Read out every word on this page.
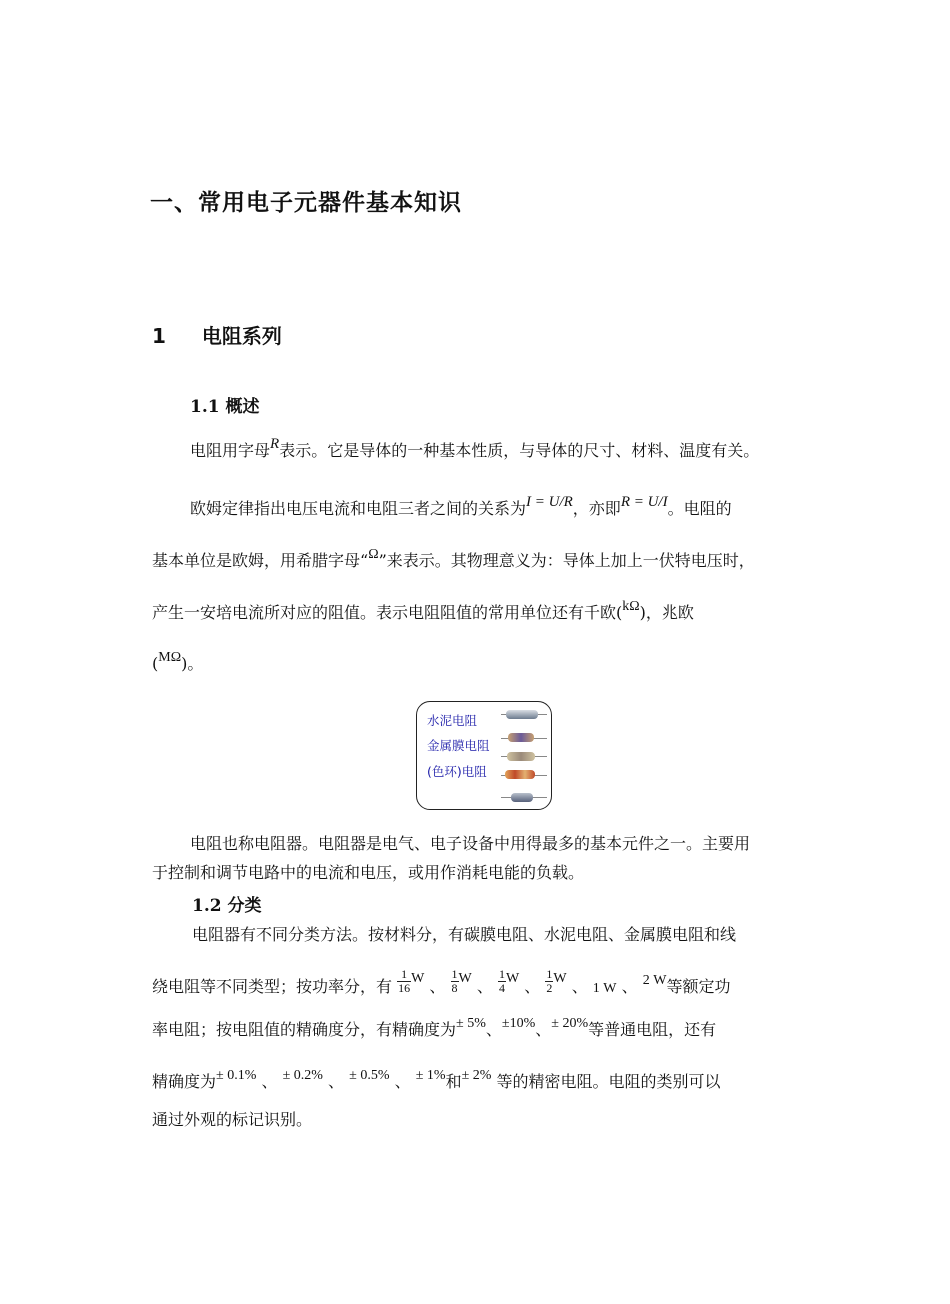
一、常用电子元器件基本知识
1 电阻系列
1.1 概述
电阻用字母R表示。它是导体的一种基本性质，与导体的尺寸、材料、温度有关。
欧姆定律指出电压电流和电阻三者之间的关系为I = U/R，亦即R = U/I。电阻的
基本单位是欧姆，用希腊字母“Ω”来表示。其物理意义为：导体上加上一伏特电压时，
产生一安培电流所对应的阻值。表示电阻阻值的常用单位还有千欧(kΩ)，兆欧
(MΩ)。
水泥电阻
金属膜电阻
(色环)电阻
电阻也称电阻器。电阻器是电气、电子设备中用得最多的基本元件之一。主要用
于控制和调节电路中的电流和电压，或用作消耗电能的负载。
1.2 分类
电阻器有不同分类方法。按材料分，有碳膜电阻、水泥电阻、金属膜电阻和线
绕电阻等不同类型；按功率分，有 $\frac{1}{16}$ W 、 $\frac{1}{8}$ W 、 $\frac{1}{4}$ W 、 $\frac{1}{2}$ W 、 1 W 、 2 W等额定功
率电阻；按电阻值的精确度分，有精确度为± 5%、±10%、± 20%等普通电阻，还有
精确度为± 0.1% 、 ± 0.2% 、 ± 0.5% 、 ± 1%和± 2% 等的精密电阻。电阻的类别可以
通过外观的标记识别。
